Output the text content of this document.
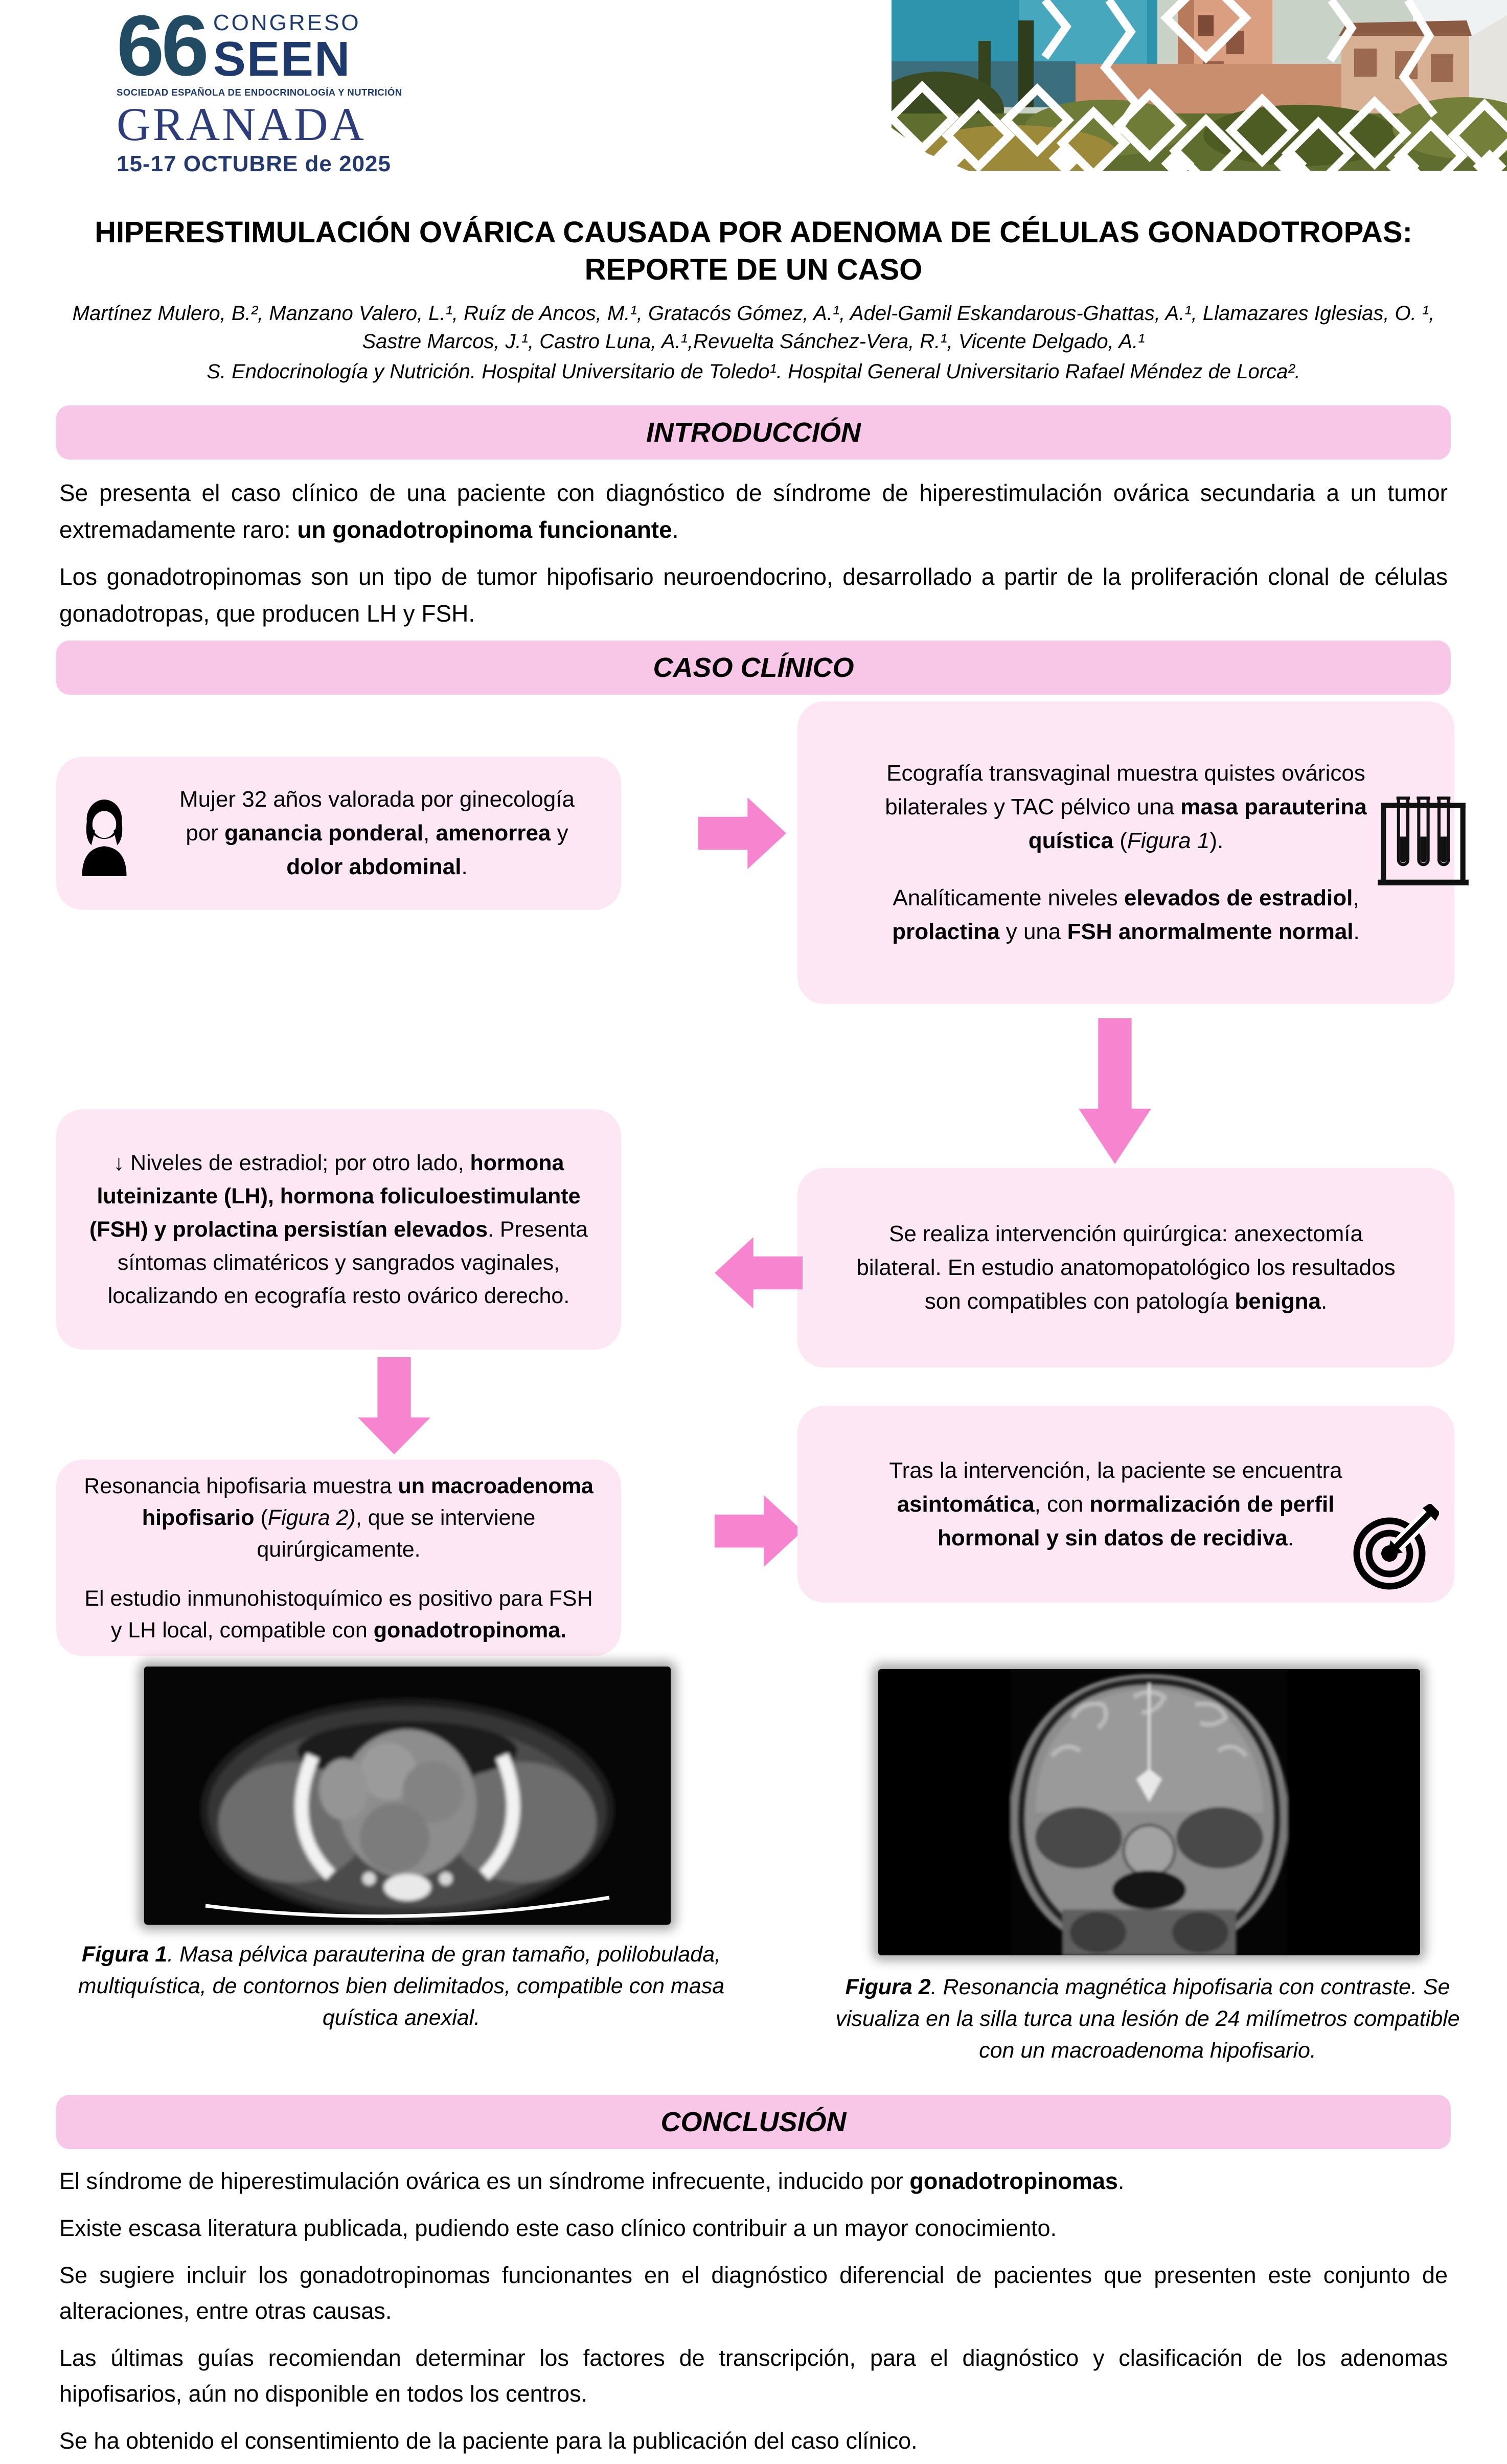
66 CONGRESO
SEEN
SOCIEDAD ESPAÑOLA DE ENDOCRINOLOGÍA Y NUTRICIÓN
GRANADA
15-17 OCTUBRE de 2025
HIPERESTIMULACIÓN OVÁRICA CAUSADA POR ADENOMA DE CÉLULAS GONADOTROPAS: REPORTE DE UN CASO
Martínez Mulero, B.², Manzano Valero, L.¹, Ruíz de Ancos, M.¹, Gratacós Gómez, A.¹, Adel-Gamil Eskandarous-Ghattas, A.¹, Llamazares Iglesias, O. ¹, Sastre Marcos, J.¹, Castro Luna, A.¹,Revuelta Sánchez-Vera, R.¹, Vicente Delgado, A.¹
S. Endocrinología y Nutrición. Hospital Universitario de Toledo¹. Hospital General Universitario Rafael Méndez de Lorca².
INTRODUCCIÓN
Se presenta el caso clínico de una paciente con diagnóstico de síndrome de hiperestimulación ovárica secundaria a un tumor extremadamente raro: un gonadotropinoma funcionante.
Los gonadotropinomas son un tipo de tumor hipofisario neuroendocrino, desarrollado a partir de la proliferación clonal de células gonadotropas, que producen LH y FSH.
CASO CLÍNICO
Mujer 32 años valorada por ginecología por ganancia ponderal, amenorrea y dolor abdominal.
Ecografía transvaginal muestra quistes ováricos bilaterales y TAC pélvico una masa parauterina quística (Figura 1).
Analíticamente niveles elevados de estradiol, prolactina y una FSH anormalmente normal.
Se realiza intervención quirúrgica: anexectomía bilateral. En estudio anatomopatológico los resultados son compatibles con patología benigna.
↓ Niveles de estradiol; por otro lado, hormona luteinizante (LH), hormona foliculoestimulante (FSH) y prolactina persistían elevados. Presenta síntomas climatéricos y sangrados vaginales, localizando en ecografía resto ovárico derecho.
Resonancia hipofisaria muestra un macroadenoma hipofisario (Figura 2), que se interviene quirúrgicamente.
El estudio inmunohistoquímico es positivo para FSH y LH local, compatible con gonadotropinoma.
Tras la intervención, la paciente se encuentra asintomática, con normalización de perfil hormonal y sin datos de recidiva.
Figura 1. Masa pélvica parauterina de gran tamaño, polilobulada, multiquística, de contornos bien delimitados, compatible con masa quística anexial.
Figura 2. Resonancia magnética hipofisaria con contraste. Se visualiza en la silla turca una lesión de 24 milímetros compatible con un macroadenoma hipofisario.
CONCLUSIÓN

El síndrome de hiperestimulación ovárica es un síndrome infrecuente, inducido por gonadotropinomas.

Existe escasa literatura publicada, pudiendo este caso clínico contribuir a un mayor conocimiento.

Se sugiere incluir los gonadotropinomas funcionantes en el diagnóstico diferencial de pacientes que presenten este conjunto de alteraciones, entre otras causas.

Las últimas guías recomiendan determinar los factores de transcripción, para el diagnóstico y clasificación de los adenomas hipofisarios, aún no disponible en todos los centros.

Se ha obtenido el consentimiento de la paciente para la publicación del caso clínico.
